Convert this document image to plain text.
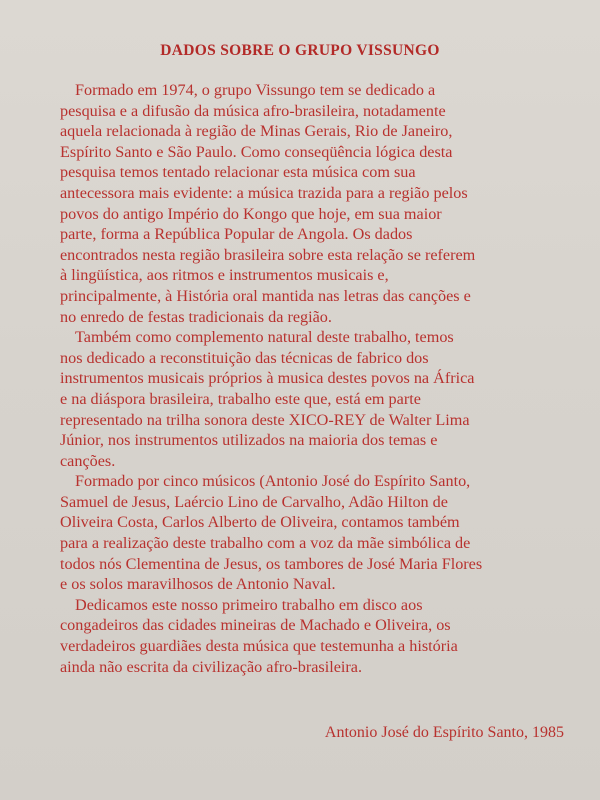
DADOS SOBRE O GRUPO VISSUNGO
Formado em 1974, o grupo Vissungo tem se dedicado a
pesquisa e a difusão da música afro-brasileira, notadamente
aquela relacionada à região de Minas Gerais, Rio de Janeiro,
Espírito Santo e São Paulo. Como conseqüência lógica desta
pesquisa temos tentado relacionar esta música com sua
antecessora mais evidente: a música trazida para a região pelos
povos do antigo Império do Kongo que hoje, em sua maior
parte, forma a República Popular de Angola. Os dados
encontrados nesta região brasileira sobre esta relação se referem
à lingüística, aos ritmos e instrumentos musicais e,
principalmente, à História oral mantida nas letras das canções e
no enredo de festas tradicionais da região.
Também como complemento natural deste trabalho, temos
nos dedicado a reconstituição das técnicas de fabrico dos
instrumentos musicais próprios à musica destes povos na África
e na diáspora brasileira, trabalho este que, está em parte
representado na trilha sonora deste XICO-REY de Walter Lima
Júnior, nos instrumentos utilizados na maioria dos temas e
canções.
Formado por cinco músicos (Antonio José do Espírito Santo,
Samuel de Jesus, Laércio Lino de Carvalho, Adão Hilton de
Oliveira Costa, Carlos Alberto de Oliveira, contamos também
para a realização deste trabalho com a voz da mãe simbólica de
todos nós Clementina de Jesus, os tambores de José Maria Flores
e os solos maravilhosos de Antonio Naval.
Dedicamos este nosso primeiro trabalho em disco aos
congadeiros das cidades mineiras de Machado e Oliveira, os
verdadeiros guardiães desta música que testemunha a história
ainda não escrita da civilização afro-brasileira.
Antonio José do Espírito Santo, 1985
